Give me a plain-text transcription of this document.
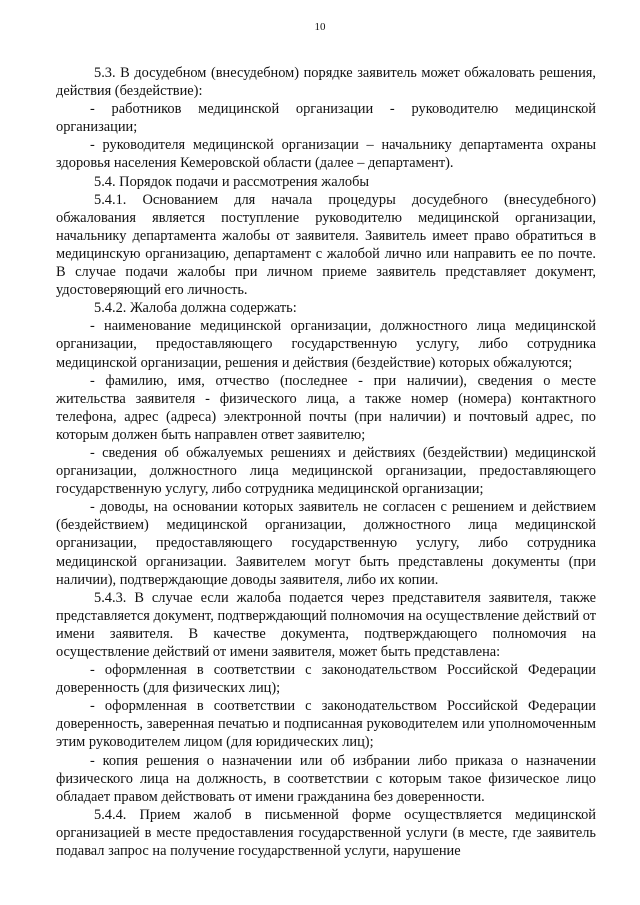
10

5.3. В досудебном (внесудебном) порядке заявитель может обжаловать решения, действия (бездействие):

- работников медицинской организации - руководителю медицинской организации;

- руководителя медицинской организации – начальнику департамента охраны здоровья населения Кемеровской области (далее – департамент).

5.4. Порядок подачи и рассмотрения жалобы

5.4.1. Основанием для начала процедуры досудебного (внесудебного) обжалования является поступление руководителю медицинской организации, начальнику департамента жалобы от заявителя. Заявитель имеет право обратиться в медицинскую организацию, департамент с жалобой лично или направить ее по почте. В случае подачи жалобы при личном приеме заявитель представляет документ, удостоверяющий его личность.

5.4.2. Жалоба должна содержать:

- наименование медицинской организации, должностного лица медицинской организации, предоставляющего государственную услугу, либо сотрудника медицинской организации, решения и действия (бездействие) которых обжалуются;

- фамилию, имя, отчество (последнее - при наличии), сведения о месте жительства заявителя - физического лица, а также номер (номера) контактного телефона, адрес (адреса) электронной почты (при наличии) и почтовый адрес, по которым должен быть направлен ответ заявителю;

- сведения об обжалуемых решениях и действиях (бездействии) медицинской организации, должностного лица медицинской организации, предоставляющего государственную услугу, либо сотрудника медицинской организации;

- доводы, на основании которых заявитель не согласен с решением и действием (бездействием) медицинской организации, должностного лица медицинской организации, предоставляющего государственную услугу, либо сотрудника медицинской организации. Заявителем могут быть представлены документы (при наличии), подтверждающие доводы заявителя, либо их копии.

5.4.3. В случае если жалоба подается через представителя заявителя, также представляется документ, подтверждающий полномочия на осуществление действий от имени заявителя. В качестве документа, подтверждающего полномочия на осуществление действий от имени заявителя, может быть представлена:

- оформленная в соответствии с законодательством Российской Федерации доверенность (для физических лиц);

- оформленная в соответствии с законодательством Российской Федерации доверенность, заверенная печатью и подписанная руководителем или уполномоченным этим руководителем лицом (для юридических лиц);

- копия решения о назначении или об избрании либо приказа о назначении физического лица на должность, в соответствии с которым такое физическое лицо обладает правом действовать от имени гражданина без доверенности.

5.4.4. Прием жалоб в письменной форме осуществляется медицинской организацией в месте предоставления государственной услуги (в месте, где заявитель подавал запрос на получение государственной услуги, нарушение
